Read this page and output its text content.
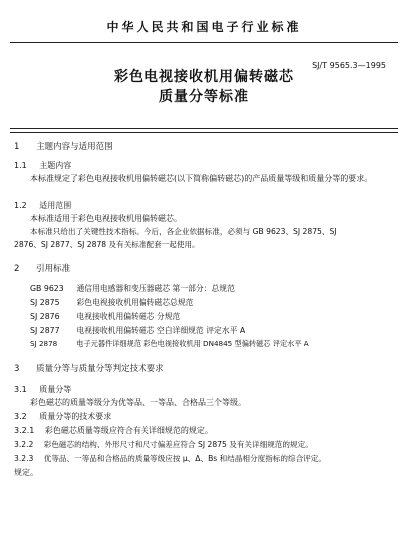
中华人民共和国电子行业标准
SJ/T 9565.3—1995
彩色电视接收机用偏转磁芯
质量分等标准
1 主题内容与适用范围
1.1 主题内容
本标准规定了彩色电视接收机用偏转磁芯(以下简称偏转磁芯)的产品质量等级和质量分等的要求。
1.2 适用范围
本标准适用于彩色电视接收机用偏转磁芯。
本标准只给出了关键性技术指标。今后，各企业依据标准，必须与 GB 9623、SJ 2875、SJ
2876、SJ 2877、SJ 2878 及有关标准配套一起使用。
2 引用标准
GB 9623 通信用电感器和变压器磁芯 第一部分：总规范
SJ 2875 彩色电视接收机用偏转磁芯总规范
SJ 2876 电视接收机用偏转磁芯 分规范
SJ 2877 电视接收机用偏转磁芯 空白详细规范 评定水平 A
SJ 2878	电子元器件详细规范 彩色电视接收机用 DN4845 型偏转磁芯 评定水平 A
3 质量分等与质量分等判定技术要求
3.1 质量分等
彩色磁芯的质量等级分为优等品、一等品、合格品三个等级。
3.2 质量分等的技术要求
3.2.1 彩色磁芯质量等级应符合有关详细规范的规定。
3.2.2 彩色磁芯的结构、外形尺寸和尺寸偏差应符合 SJ 2875 及有关详细规范的规定。
3.2.3 优等品、一等品和合格品的质量等级应按 μ、Δ、Bs 和结晶相分度指标的综合评定。
规定。
